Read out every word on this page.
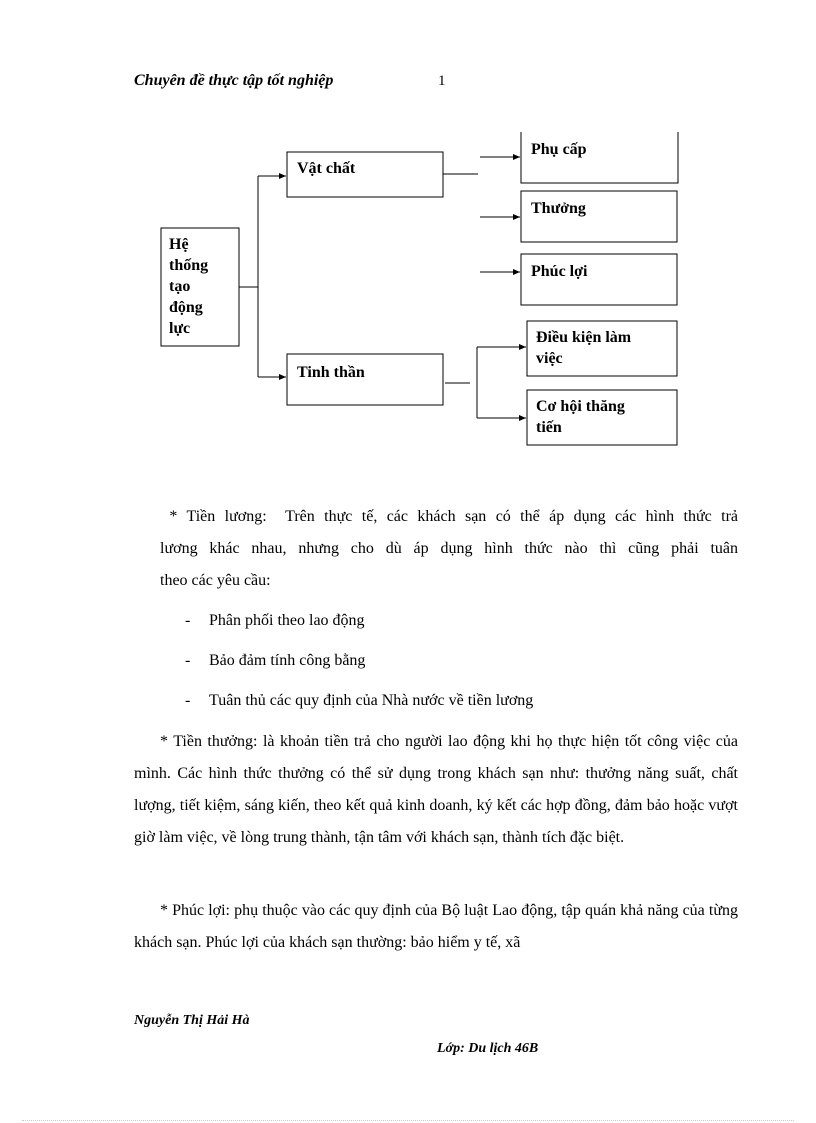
Chuyên đề thực tập tốt nghiệp	1
Hệ
thống
tạo
động
lực
Vật chất
Tinh thần
Phụ cấp
Thưởng
Phúc lợi
Điều kiện làm
việc
Cơ hội thăng
tiến
* Tiền lương:  Trên thực tế, các khách sạn có thể áp dụng các hình thức trả
lương khác nhau, nhưng cho dù áp dụng hình thức nào thì cũng phải tuân
theo các yêu cầu:
- Phân phối theo lao động
- Bảo đảm tính công bằng
- Tuân thủ các quy định của Nhà nước về tiền lương
* Tiền thưởng: là khoản tiền trả cho người lao động khi họ thực hiện tốt công việc của mình. Các hình thức thưởng có thể sử dụng trong khách sạn như: thưởng năng suất, chất lượng, tiết kiệm, sáng kiến, theo kết quả kinh doanh, ký kết các hợp đồng, đảm bảo hoặc vượt giờ làm việc, về lòng trung thành, tận tâm với khách sạn, thành tích đặc biệt.
* Phúc lợi: phụ thuộc vào các quy định của Bộ luật Lao động, tập quán khả năng của từng khách sạn. Phúc lợi của khách sạn thường: bảo hiểm y tế, xã
Nguyễn Thị Hải Hà
Lớp: Du lịch 46B
